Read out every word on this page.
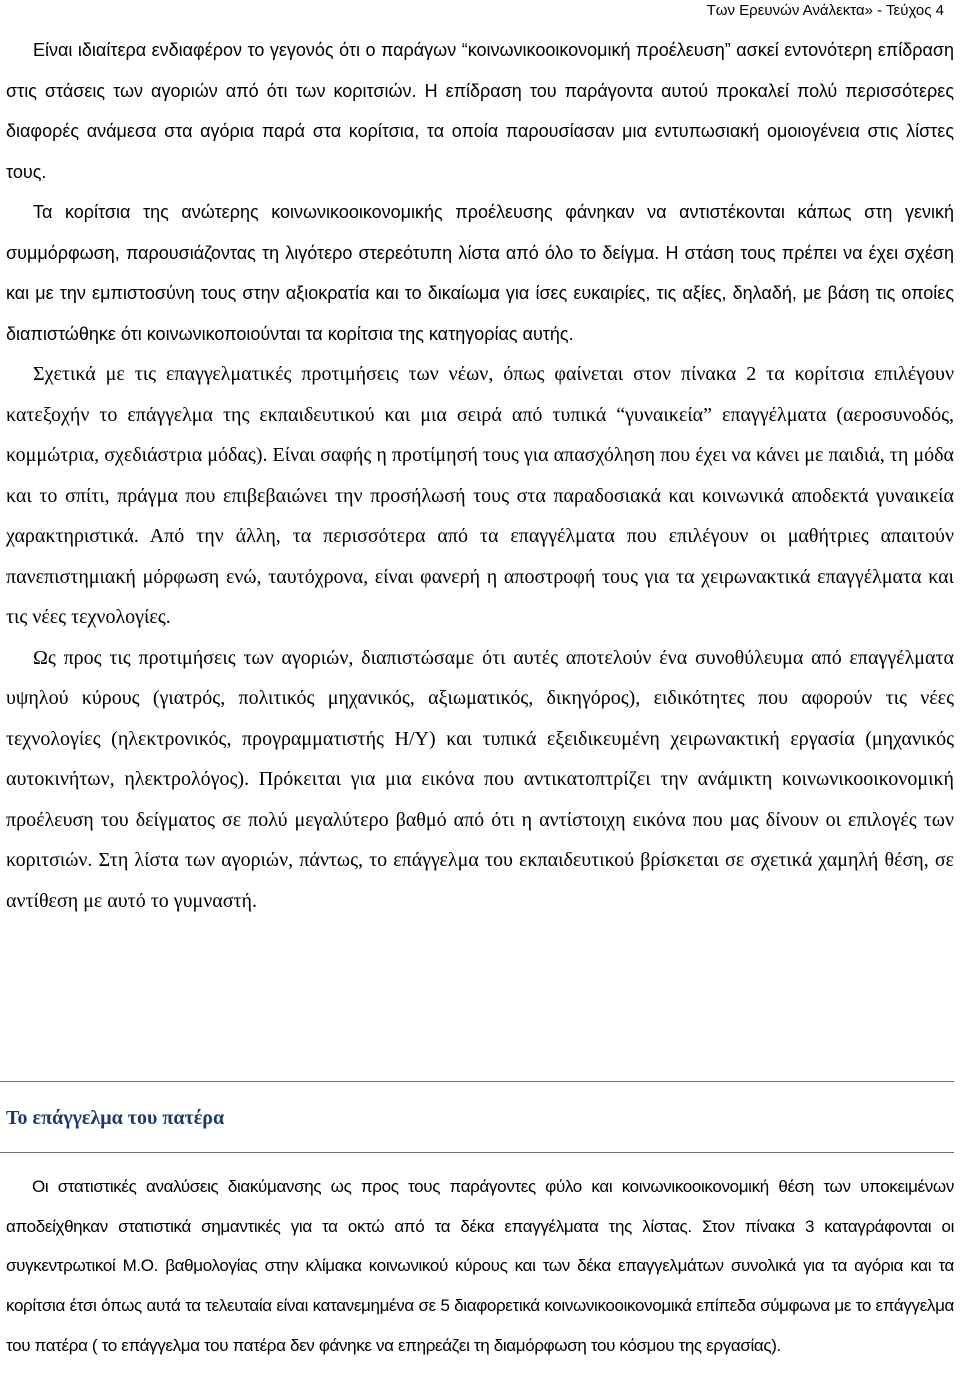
Των Ερευνών Ανάλεκτα» - Τεύχος 4

Είναι ιδιαίτερα ενδιαφέρον το γεγονός ότι ο παράγων “κοινωνικοοικονομική προέλευση” ασκεί εντονότερη επίδραση στις στάσεις των αγοριών από ότι των κοριτσιών. Η επίδραση του παράγοντα αυτού προκαλεί πολύ περισσότερες διαφορές ανάμεσα στα αγόρια παρά στα κορίτσια, τα οποία παρουσίασαν μια εντυπωσιακή ομοιογένεια στις λίστες τους.

Τα κορίτσια της ανώτερης κοινωνικοοικονομικής προέλευσης φάνηκαν να αντιστέκονται κάπως στη γενική συμμόρφωση, παρουσιάζοντας τη λιγότερο στερεότυπη λίστα από όλο το δείγμα. Η στάση τους πρέπει να έχει σχέση και με την εμπιστοσύνη τους στην αξιοκρατία και το δικαίωμα για ίσες ευκαιρίες, τις αξίες, δηλαδή, με βάση τις οποίες διαπιστώθηκε ότι κοινωνικοποιούνται τα κορίτσια της κατηγορίας αυτής.

Σχετικά με τις επαγγελματικές προτιμήσεις των νέων, όπως φαίνεται στον πίνακα 2 τα κορίτσια επιλέγουν κατεξοχήν το επάγγελμα της εκπαιδευτικού και μια σειρά από τυπικά “γυναικεία” επαγγέλματα (αεροσυνοδός, κομμώτρια, σχεδιάστρια μόδας). Είναι σαφής η προτίμησή τους για απασχόληση που έχει να κάνει με παιδιά, τη μόδα και το σπίτι, πράγμα που επιβεβαιώνει την προσήλωσή τους στα παραδοσιακά και κοινωνικά αποδεκτά γυναικεία χαρακτηριστικά. Από την άλλη, τα περισσότερα από τα επαγγέλματα που επιλέγουν οι μαθήτριες απαιτούν πανεπιστημιακή μόρφωση ενώ, ταυτόχρονα, είναι φανερή η αποστροφή τους για τα χειρωνακτικά επαγγέλματα και τις νέες τεχνολογίες.

Ως προς τις προτιμήσεις των αγοριών, διαπιστώσαμε ότι αυτές αποτελούν ένα συνοθύλευμα από επαγγέλματα υψηλού κύρους (γιατρός, πολιτικός μηχανικός, αξιωματικός, δικηγόρος), ειδικότητες που αφορούν τις νέες τεχνολογίες (ηλεκτρονικός, προγραμματιστής Η/Υ) και τυπικά εξειδικευμένη χειρωνακτική εργασία (μηχανικός αυτοκινήτων, ηλεκτρολόγος). Πρόκειται για μια εικόνα που αντικατοπτρίζει την ανάμικτη κοινωνικοοικονομική προέλευση του δείγματος σε πολύ μεγαλύτερο βαθμό από ότι η αντίστοιχη εικόνα που μας δίνουν οι επιλογές των κοριτσιών. Στη λίστα των αγοριών, πάντως, το επάγγελμα του εκπαιδευτικού βρίσκεται σε σχετικά χαμηλή θέση, σε αντίθεση με αυτό το γυμναστή.

Το επάγγελμα του πατέρα

Οι στατιστικές αναλύσεις διακύμανσης ως προς τους παράγοντες φύλο και κοινωνικοοικονομική θέση των υποκειμένων αποδείχθηκαν στατιστικά σημαντικές για τα οκτώ από τα δέκα επαγγέλματα της λίστας. Στον πίνακα 3 καταγράφονται οι συγκεντρωτικοί Μ.Ο. βαθμολογίας στην κλίμακα κοινωνικού κύρους και των δέκα επαγγελμάτων συνολικά για τα αγόρια και τα κορίτσια έτσι όπως αυτά τα τελευταία είναι κατανεμημένα σε 5 διαφορετικά κοινωνικοοικονομικά επίπεδα σύμφωνα με το επάγγελμα του πατέρα ( το επάγγελμα του πατέρα δεν φάνηκε να επηρεάζει τη διαμόρφωση του κόσμου της εργασίας).
